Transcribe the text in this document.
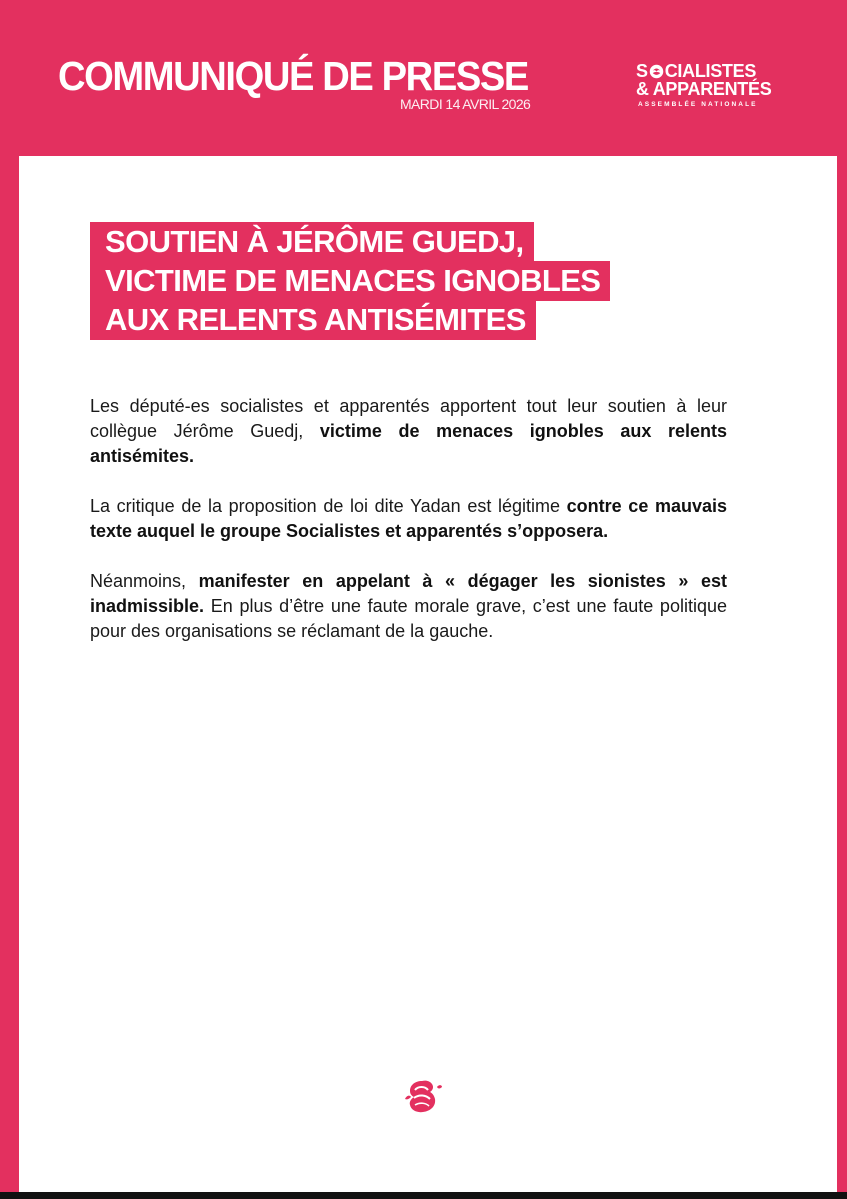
COMMUNIQUÉ DE PRESSE
MARDI 14 AVRIL 2026
S CIALISTES
& APPARENTÉS
ASSEMBLÉE NATIONALE
SOUTIEN À JÉRÔME GUEDJ,
VICTIME DE MENACES IGNOBLES
AUX RELENTS ANTISÉMITES

Les député-es socialistes et apparentés apportent tout leur soutien à leur collègue Jérôme Guedj, victime de menaces ignobles aux relents antisémites.

La critique de la proposition de loi dite Yadan est légitime contre ce mauvais texte auquel le groupe Socialistes et apparentés s’opposera.

Néanmoins, manifester en appelant à « dégager les sionistes » est inadmissible. En plus d’être une faute morale grave, c’est une faute politique pour des organisations se réclamant de la gauche.
